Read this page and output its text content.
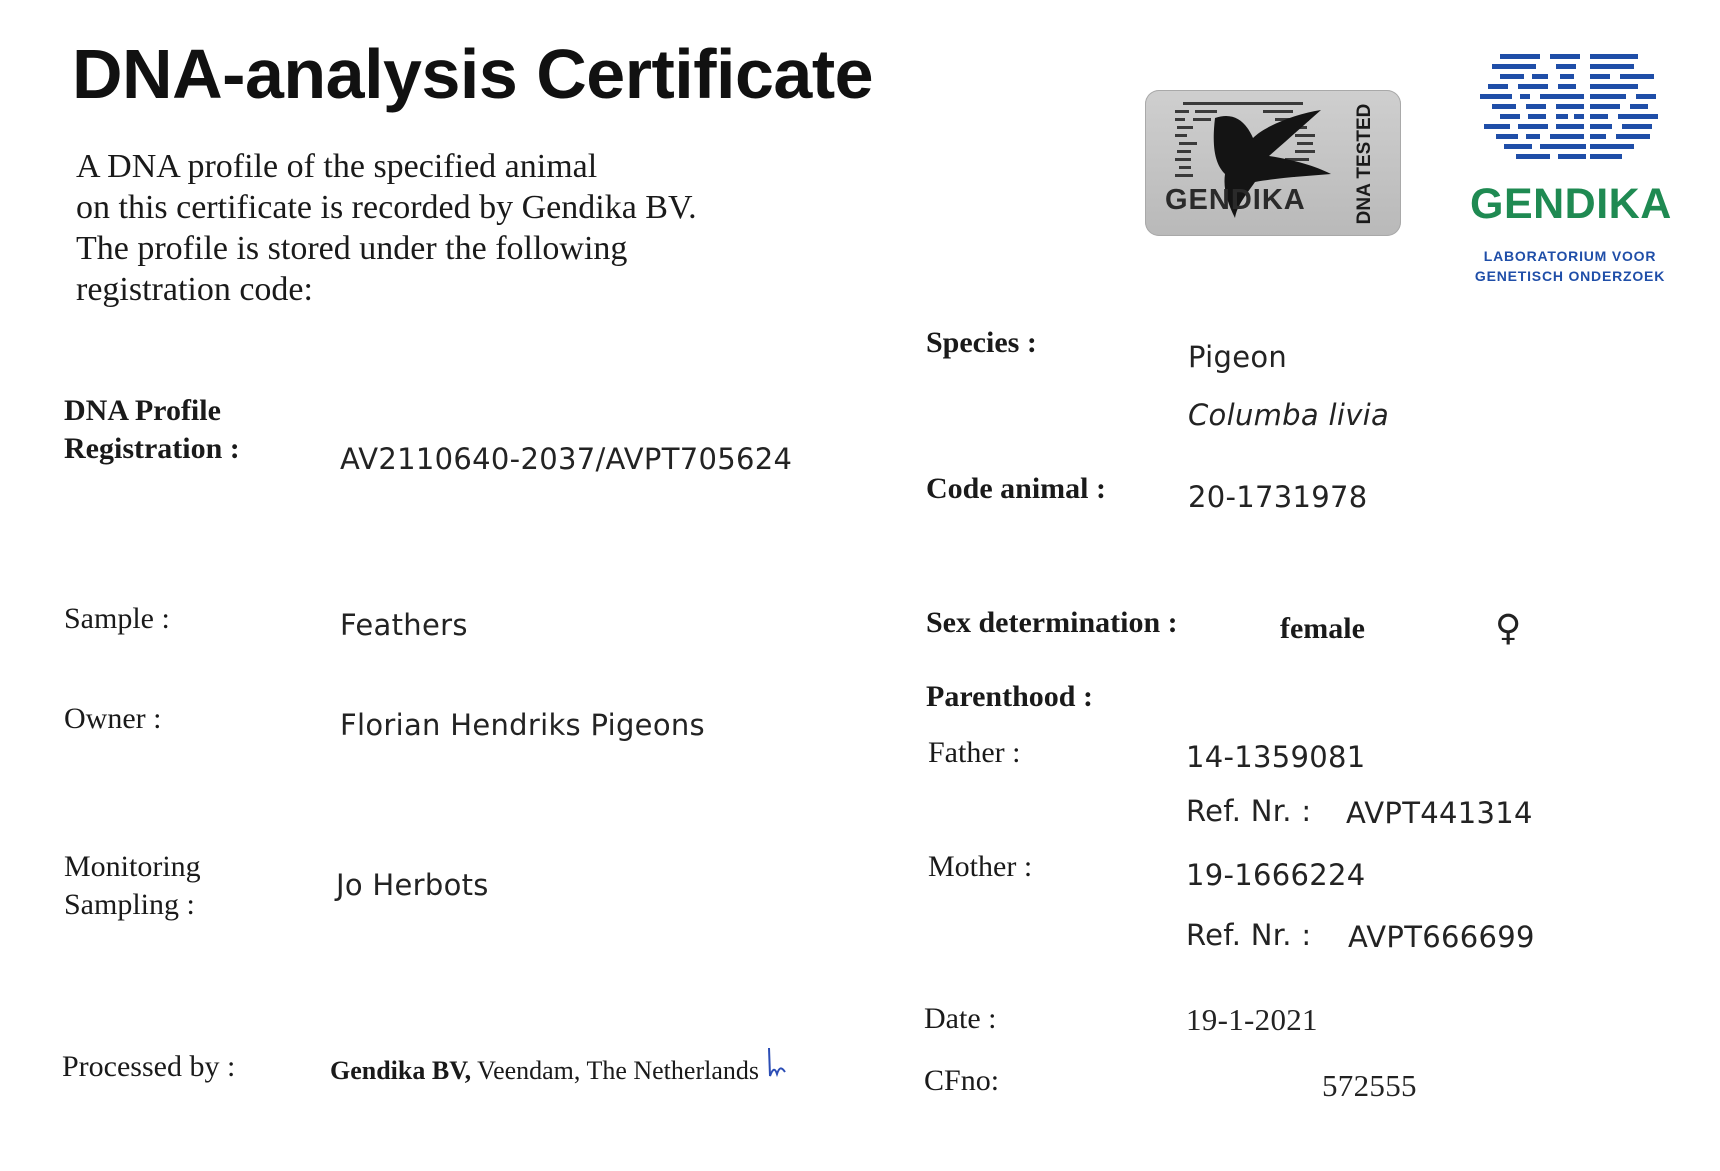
DNA-analysis Certificate
A DNA profile of the specified animal
on this certificate is recorded by Gendika BV.
The profile is stored under the following
registration code:
GENDIKA	DNA TESTED GENDIKA
LABORATORIUM VOOR
GENETISCH ONDERZOEK
DNA Profile
Registration :	AV2110640-2037/AVPT705624
Sample :	Feathers
Owner :	Florian Hendriks Pigeons
Monitoring
Sampling :
Jo Herbots
Processed by :	Gendika BV, Veendam, The Netherlands
Species :	Pigeon
Columba livia
Code animal :	20-1731978
Sex determination :	female	♀
Parenthood :
Father :	14-1359081
Ref. Nr. : AVPT441314
Mother :	19-1666224
Ref. Nr. : AVPT666699
Date :	19-1-2021
CFno:	572555
